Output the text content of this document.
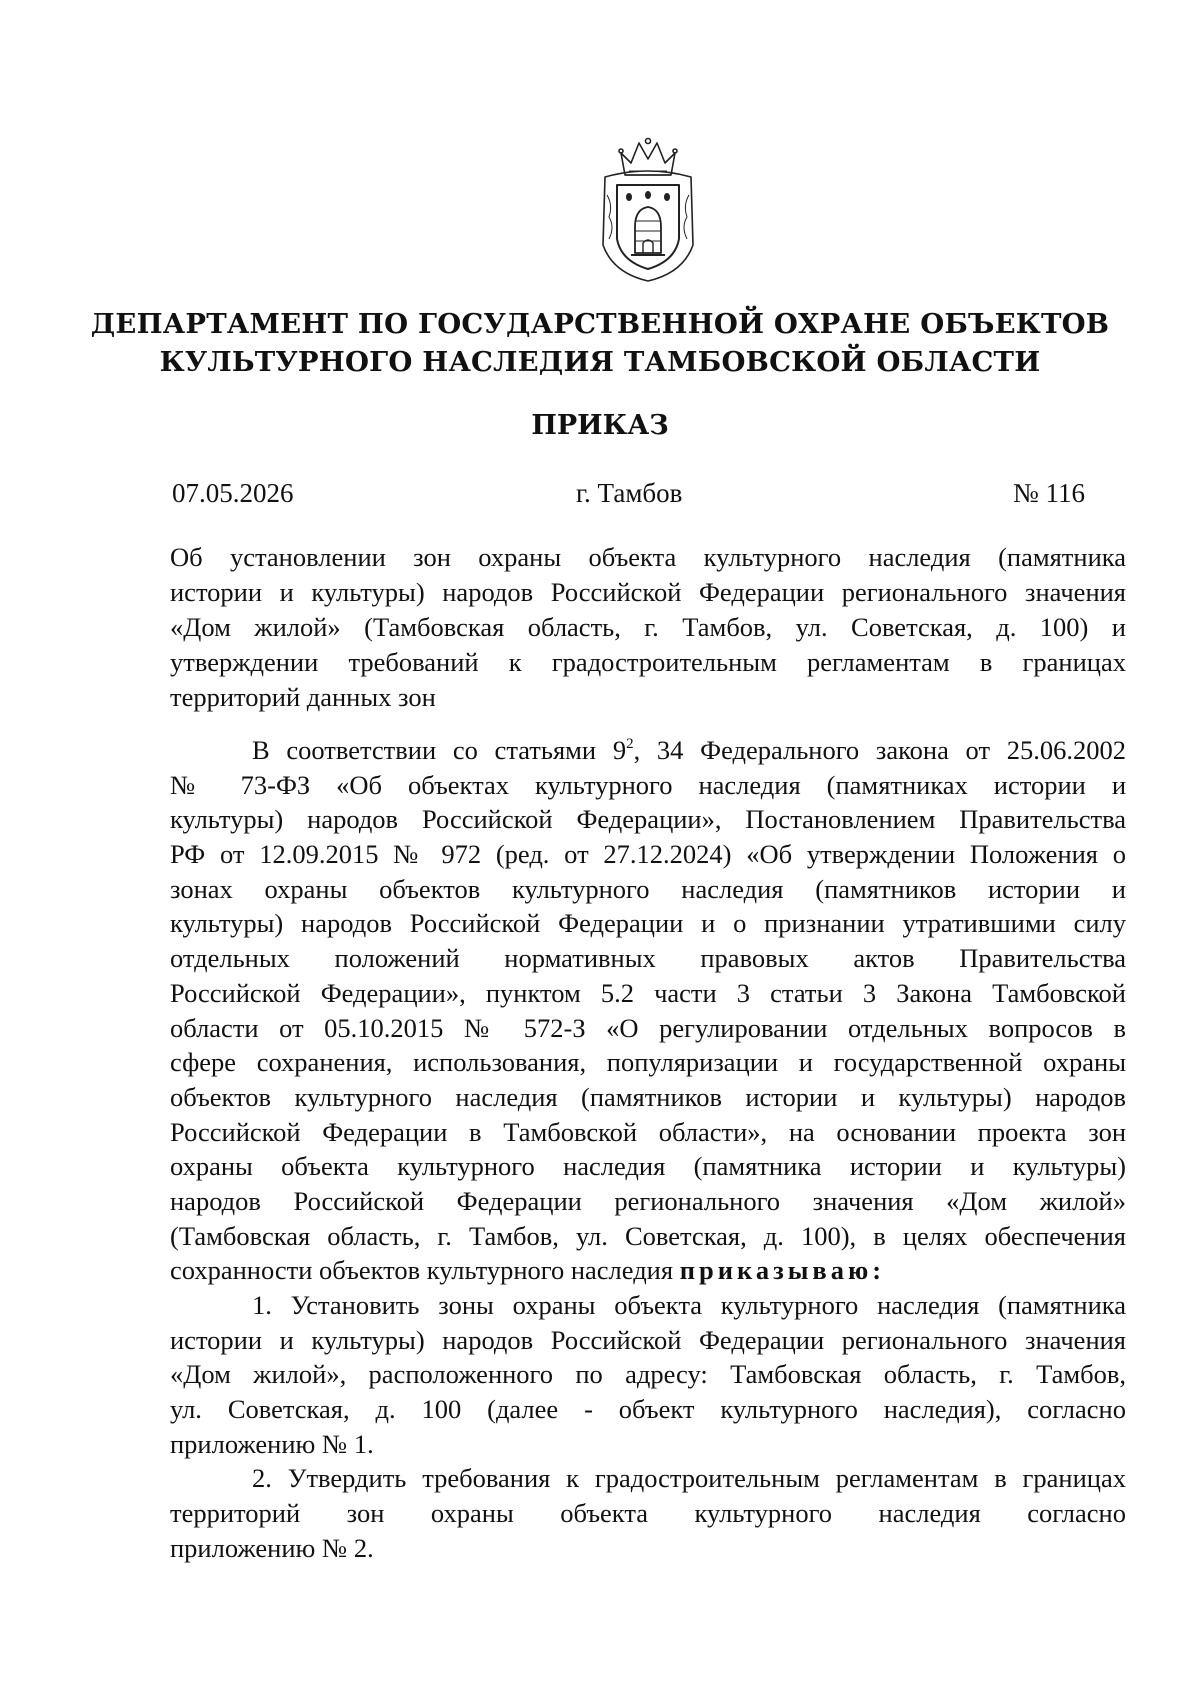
ДЕПАРТАМЕНТ ПО ГОСУДАРСТВЕННОЙ ОХРАНЕ ОБЪЕКТОВ
КУЛЬТУРНОГО НАСЛЕДИЯ ТАМБОВСКОЙ ОБЛАСТИ
ПРИКАЗ
07.05.2026	г. Тамбов	№ 116
Об установлении зон охраны объекта культурного наследия (памятника
истории и культуры) народов Российской Федерации регионального значения
«Дом жилой» (Тамбовская область, г. Тамбов, ул. Советская, д. 100) и
утверждении требований к градостроительным регламентам в границах
территорий данных зон
В соответствии со статьями $9^2$, 34 Федерального закона от 25.06.2002
№ 73-ФЗ «Об объектах культурного наследия (памятниках истории и
культуры) народов Российской Федерации», Постановлением Правительства
РФ от 12.09.2015 № 972 (ред. от 27.12.2024) «Об утверждении Положения о
зонах охраны объектов культурного наследия (памятников истории и
культуры) народов Российской Федерации и о признании утратившими силу
отдельных положений нормативных правовых актов Правительства
Российской Федерации», пунктом 5.2 части 3 статьи 3 Закона Тамбовской
области от 05.10.2015 № 572-З «О регулировании отдельных вопросов в
сфере сохранения, использования, популяризации и государственной охраны
объектов культурного наследия (памятников истории и культуры) народов
Российской Федерации в Тамбовской области», на основании проекта зон
охраны объекта культурного наследия (памятника истории и культуры)
народов Российской Федерации регионального значения «Дом жилой»
(Тамбовская область, г. Тамбов, ул. Советская, д. 100), в целях обеспечения
сохранности объектов культурного наследия приказываю:
1. Установить зоны охраны объекта культурного наследия (памятника
истории и культуры) народов Российской Федерации регионального значения
«Дом жилой», расположенного по адресу: Тамбовская область, г. Тамбов,
ул. Советская, д. 100 (далее - объект культурного наследия), согласно
приложению № 1.
2. Утвердить требования к градостроительным регламентам в границах
территорий зон охраны объекта культурного наследия согласно
приложению № 2.
